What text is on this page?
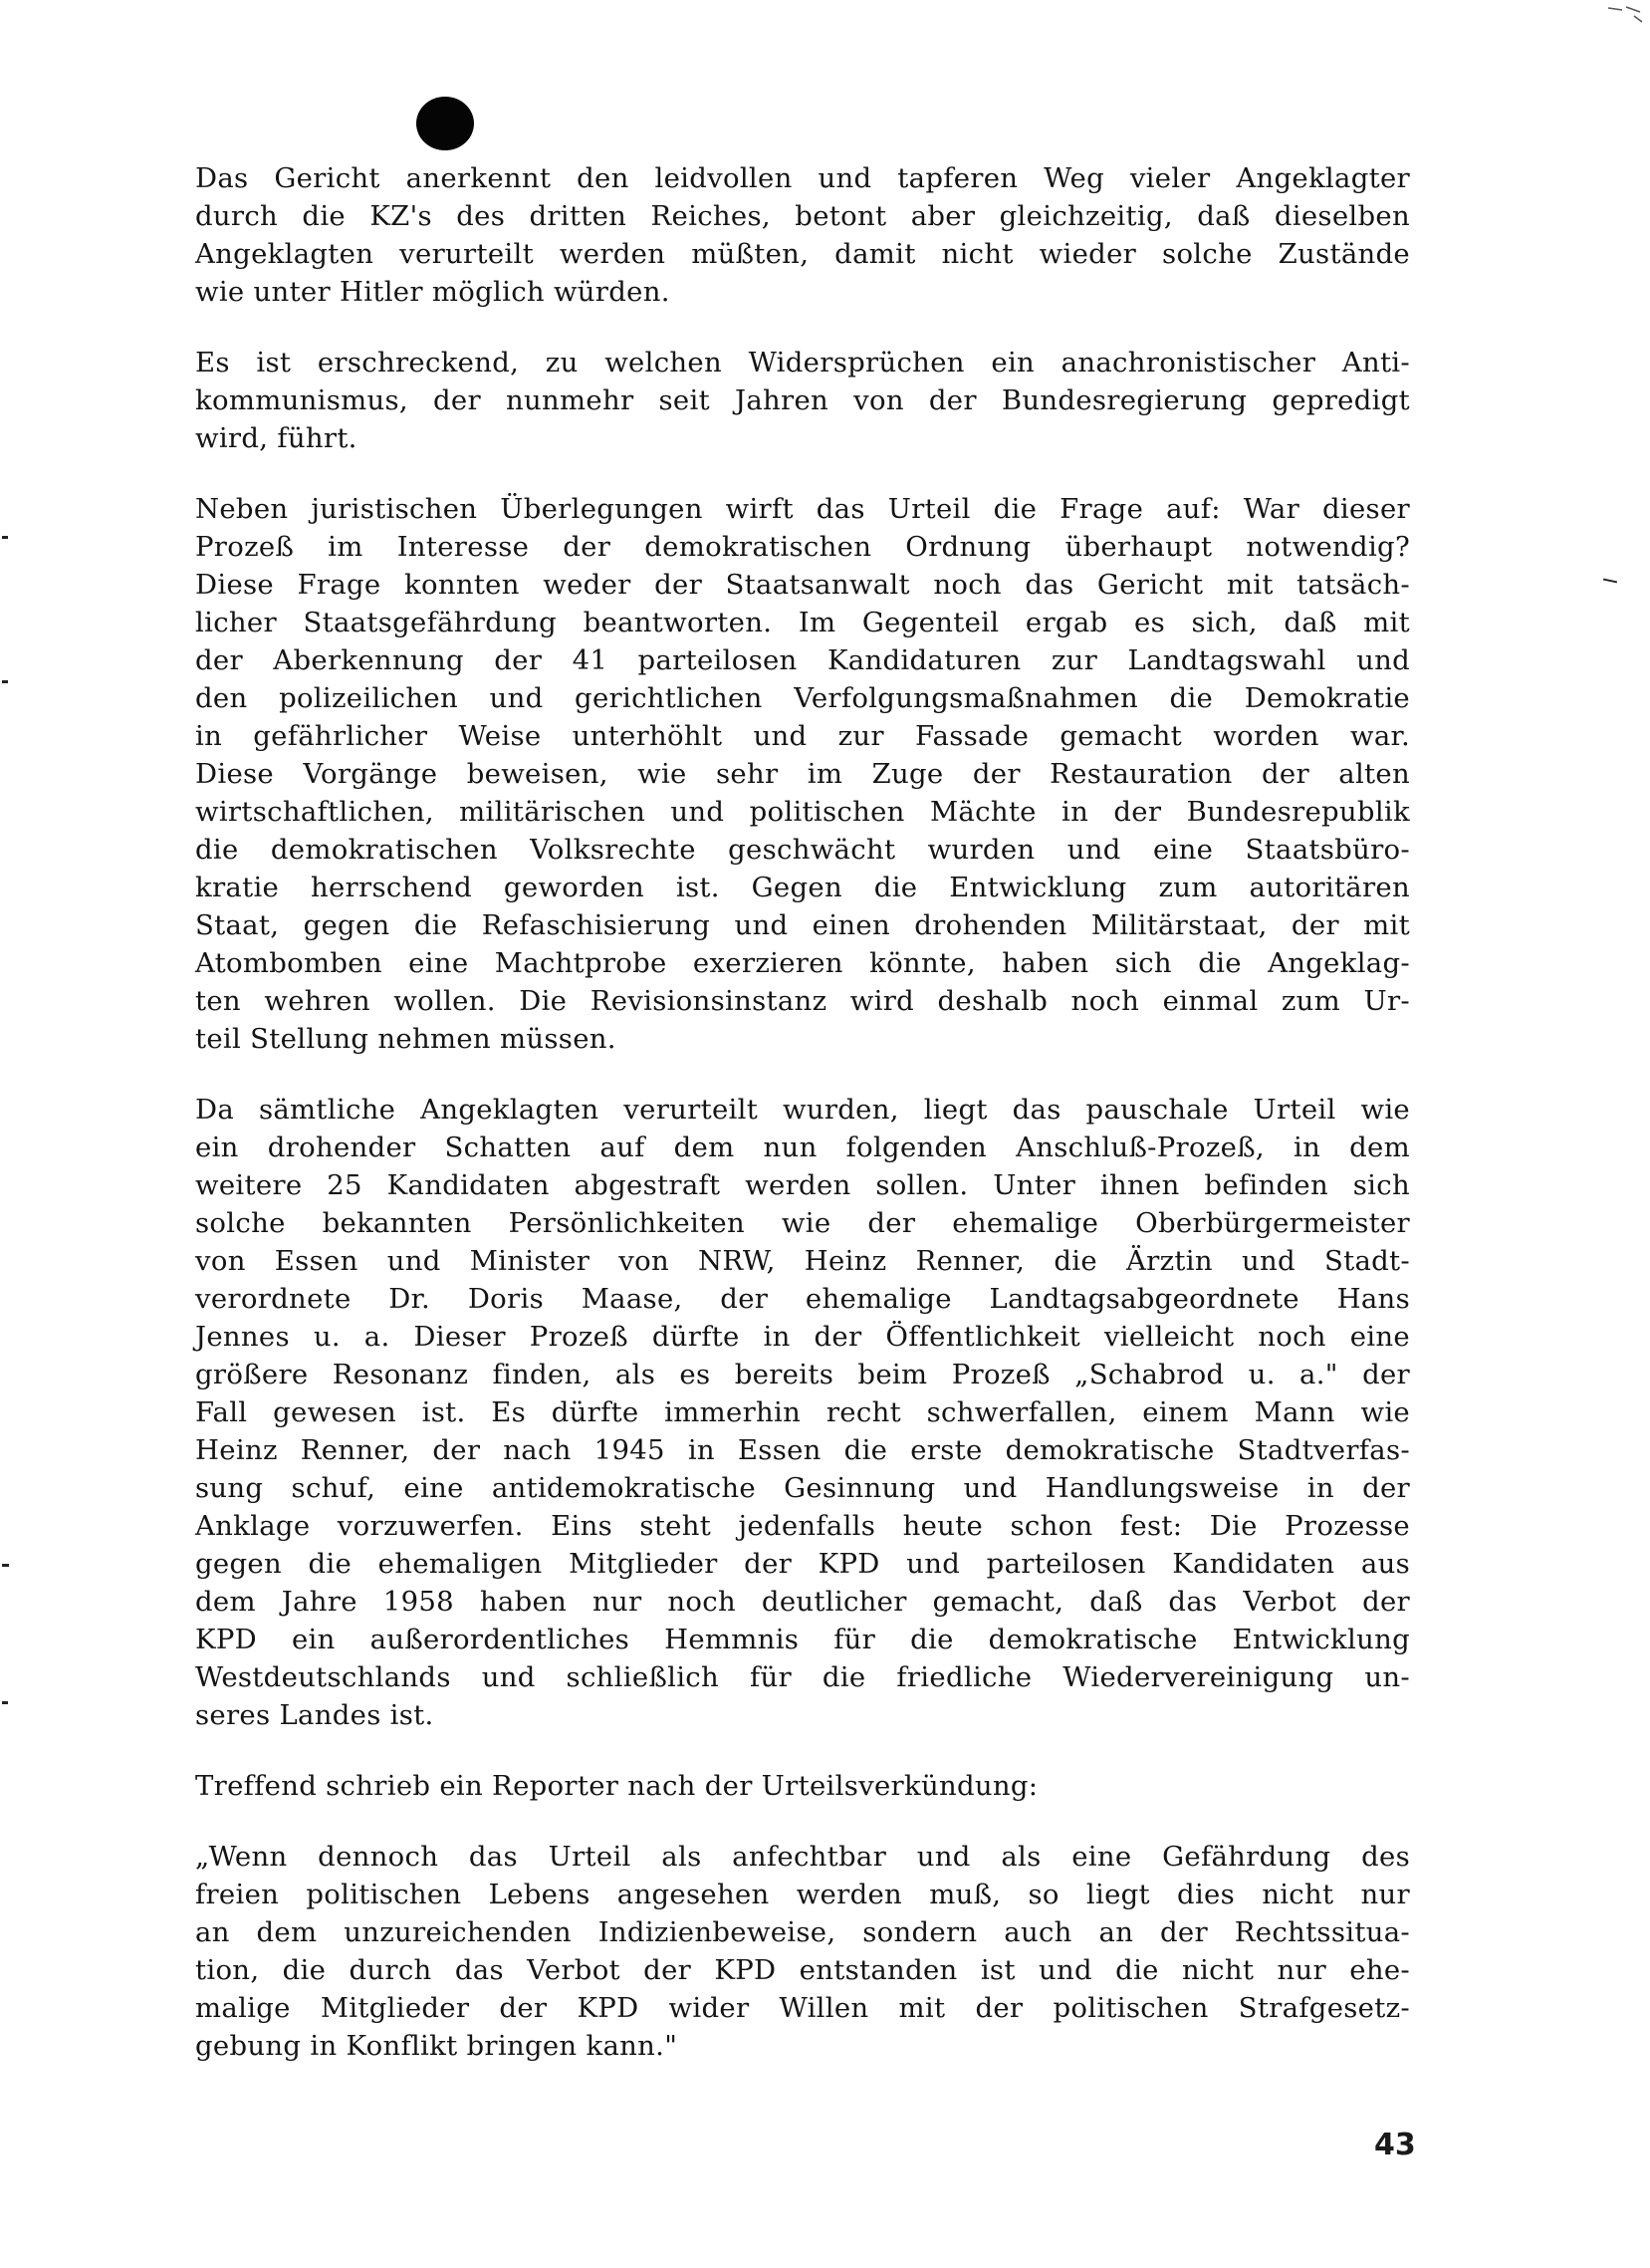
Das Gericht anerkennt den leidvollen und tapferen Weg vieler Angeklagter
durch die KZ's des dritten Reiches, betont aber gleichzeitig, daß dieselben
Angeklagten verurteilt werden müßten, damit nicht wieder solche Zustände
wie unter Hitler möglich würden.
Es ist erschreckend, zu welchen Widersprüchen ein anachronistischer Anti-
kommunismus, der nunmehr seit Jahren von der Bundesregierung gepredigt
wird, führt.
Neben juristischen Überlegungen wirft das Urteil die Frage auf: War dieser
Prozeß im Interesse der demokratischen Ordnung überhaupt notwendig?
Diese Frage konnten weder der Staatsanwalt noch das Gericht mit tatsäch-
licher Staatsgefährdung beantworten. Im Gegenteil ergab es sich, daß mit
der Aberkennung der 41 parteilosen Kandidaturen zur Landtagswahl und
den polizeilichen und gerichtlichen Verfolgungsmaßnahmen die Demokratie
in gefährlicher Weise unterhöhlt und zur Fassade gemacht worden war.
Diese Vorgänge beweisen, wie sehr im Zuge der Restauration der alten
wirtschaftlichen, militärischen und politischen Mächte in der Bundesrepublik
die demokratischen Volksrechte geschwächt wurden und eine Staatsbüro-
kratie herrschend geworden ist. Gegen die Entwicklung zum autoritären
Staat, gegen die Refaschisierung und einen drohenden Militärstaat, der mit
Atombomben eine Machtprobe exerzieren könnte, haben sich die Angeklag-
ten wehren wollen. Die Revisionsinstanz wird deshalb noch einmal zum Ur-
teil Stellung nehmen müssen.
Da sämtliche Angeklagten verurteilt wurden, liegt das pauschale Urteil wie
ein drohender Schatten auf dem nun folgenden Anschluß-Prozeß, in dem
weitere 25 Kandidaten abgestraft werden sollen. Unter ihnen befinden sich
solche bekannten Persönlichkeiten wie der ehemalige Oberbürgermeister
von Essen und Minister von NRW, Heinz Renner, die Ärztin und Stadt-
verordnete Dr. Doris Maase, der ehemalige Landtagsabgeordnete Hans
Jennes u. a. Dieser Prozeß dürfte in der Öffentlichkeit vielleicht noch eine
größere Resonanz finden, als es bereits beim Prozeß „Schabrod u. a." der
Fall gewesen ist. Es dürfte immerhin recht schwerfallen, einem Mann wie
Heinz Renner, der nach 1945 in Essen die erste demokratische Stadtverfas-
sung schuf, eine antidemokratische Gesinnung und Handlungsweise in der
Anklage vorzuwerfen. Eins steht jedenfalls heute schon fest: Die Prozesse
gegen die ehemaligen Mitglieder der KPD und parteilosen Kandidaten aus
dem Jahre 1958 haben nur noch deutlicher gemacht, daß das Verbot der
KPD ein außerordentliches Hemmnis für die demokratische Entwicklung
Westdeutschlands und schließlich für die friedliche Wiedervereinigung un-
seres Landes ist.
Treffend schrieb ein Reporter nach der Urteilsverkündung:
„Wenn dennoch das Urteil als anfechtbar und als eine Gefährdung des
freien politischen Lebens angesehen werden muß, so liegt dies nicht nur
an dem unzureichenden Indizienbeweise, sondern auch an der Rechtssitua-
tion, die durch das Verbot der KPD entstanden ist und die nicht nur ehe-
malige Mitglieder der KPD wider Willen mit der politischen Strafgesetz-
gebung in Konflikt bringen kann."
43
